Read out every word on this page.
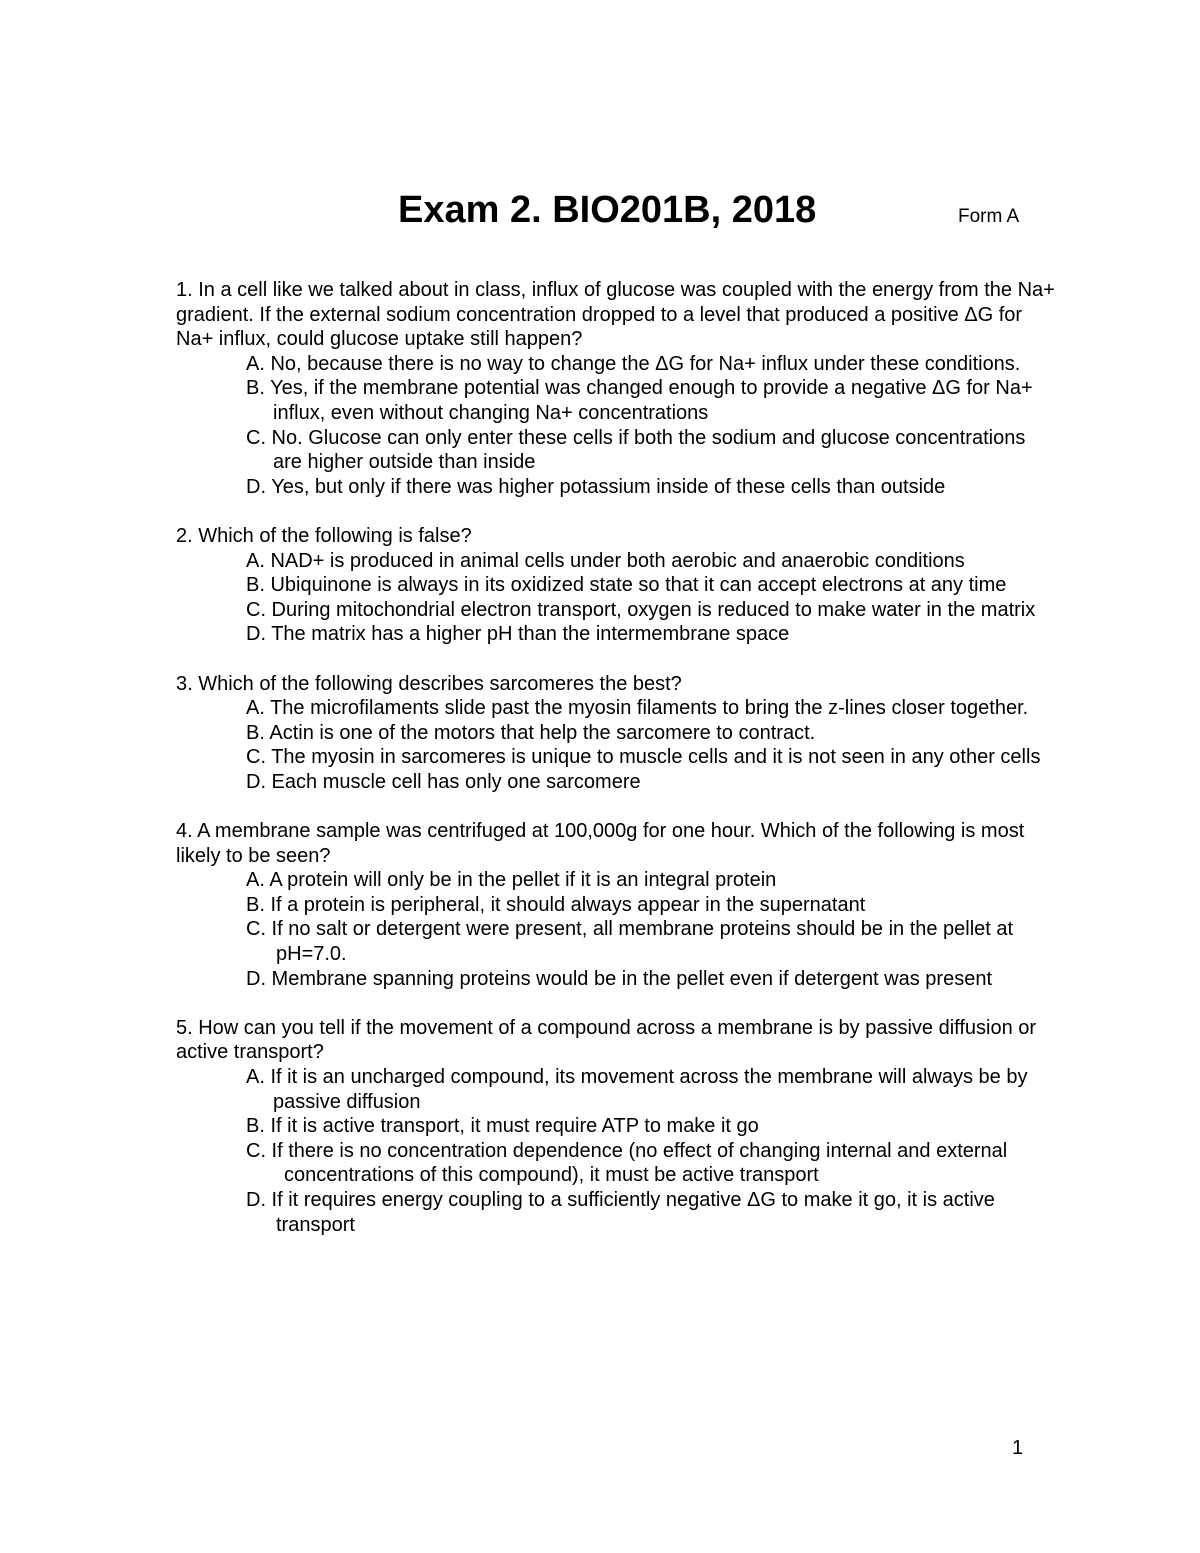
Exam 2. BIO201B, 2018	Form A

1. In a cell like we talked about in class, influx of glucose was coupled with the energy from the Na+ gradient. If the external sodium concentration dropped to a level that produced a positive ΔG for Na+ influx, could glucose uptake still happen?

A. No, because there is no way to change the ΔG for Na+ influx under these conditions.
B. Yes, if the membrane potential was changed enough to provide a negative ΔG for Na+ influx, even without changing Na+ concentrations
C. No. Glucose can only enter these cells if both the sodium and glucose concentrations are higher outside than inside
D. Yes, but only if there was higher potassium inside of these cells than outside

2. Which of the following is false?

A. NAD+ is produced in animal cells under both aerobic and anaerobic conditions
B. Ubiquinone is always in its oxidized state so that it can accept electrons at any time
C. During mitochondrial electron transport, oxygen is reduced to make water in the matrix
D. The matrix has a higher pH than the intermembrane space

3. Which of the following describes sarcomeres the best?

A. The microfilaments slide past the myosin filaments to bring the z-lines closer together.
B. Actin is one of the motors that help the sarcomere to contract.
C. The myosin in sarcomeres is unique to muscle cells and it is not seen in any other cells
D. Each muscle cell has only one sarcomere

4. A membrane sample was centrifuged at 100,000g for one hour. Which of the following is most likely to be seen?

A. A protein will only be in the pellet if it is an integral protein
B. If a protein is peripheral, it should always appear in the supernatant
C. If no salt or detergent were present, all membrane proteins should be in the pellet at pH=7.0.
D. Membrane spanning proteins would be in the pellet even if detergent was present

5. How can you tell if the movement of a compound across a membrane is by passive diffusion or active transport?

A. If it is an uncharged compound, its movement across the membrane will always be by passive diffusion
B. If it is active transport, it must require ATP to make it go
C. If there is no concentration dependence (no effect of changing internal and external concentrations of this compound), it must be active transport
D. If it requires energy coupling to a sufficiently negative ΔG to make it go, it is active transport
1
